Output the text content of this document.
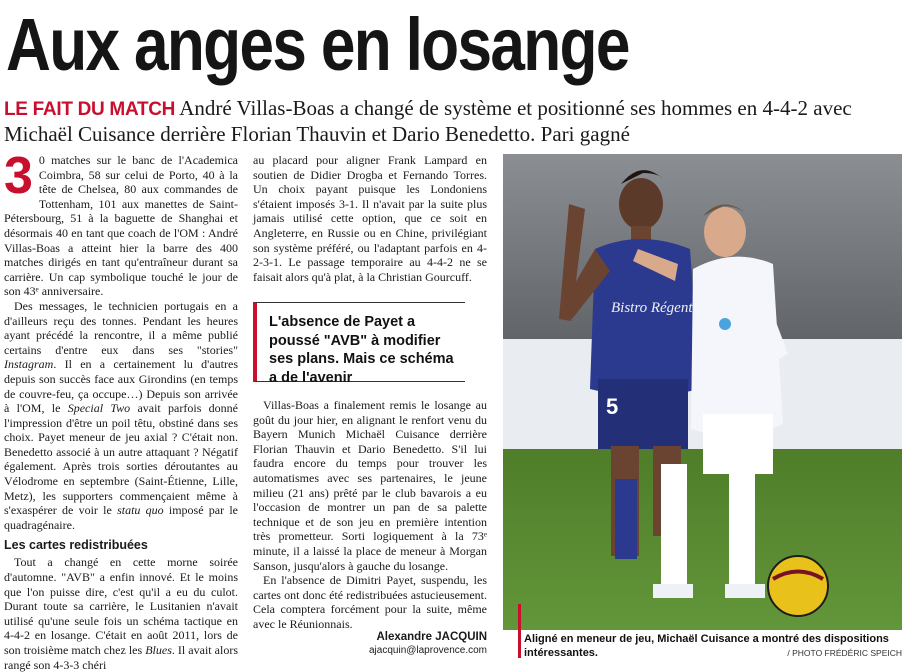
Aux anges en losange
LE FAIT DU MATCH André Villas-Boas a changé de système et positionné ses hommes en 4-4-2 avec Michaël Cuisance derrière Florian Thauvin et Dario Benedetto. Pari gagné

3 0 matches sur le banc de l'Academica Coimbra, 58 sur celui de Porto, 40 à la tête de Chelsea, 80 aux commandes de Tottenham, 101 aux manettes de Saint-Pétersbourg, 51 à la baguette de Shanghai et désormais 40 en tant que coach de l'OM : André Villas-Boas a atteint hier la barre des 400 matches dirigés en tant qu'entraîneur durant sa carrière. Un cap symbolique touché le jour de son 43ᵉ anniversaire.

Des messages, le technicien portugais en a d'ailleurs reçu des tonnes. Pendant les heures ayant précédé la rencontre, il a même publié certains d'entre eux dans ses "stories" Instagram. Il en a certainement lu d'autres depuis son succès face aux Girondins (en temps de couvre-feu, ça occupe…) Depuis son arrivée à l'OM, le Special Two avait parfois donné l'impression d'être un poil têtu, obstiné dans ses choix. Payet meneur de jeu axial ? C'était non. Benedetto associé à un autre attaquant ? Négatif également. Après trois sorties déroutantes au Vélodrome en septembre (Saint-Étienne, Lille, Metz), les supporters commençaient même à s'exaspérer de voir le statu quo imposé par le quadragénaire.

Les cartes redistribuées

Tout a changé en cette morne soirée d'automne. "AVB" a enfin innové. Et le moins que l'on puisse dire, c'est qu'il a eu du culot. Durant toute sa carrière, le Lusitanien n'avait utilisé qu'une seule fois un schéma tactique en 4-4-2 en losange. C'était en août 2011, lors de son troisième match chez les Blues. Il avait alors rangé son 4-3-3 chéri

au placard pour aligner Frank Lampard en soutien de Didier Drogba et Fernando Torres. Un choix payant puisque les Londoniens s'étaient imposés 3-1. Il n'avait par la suite plus jamais utilisé cette option, que ce soit en Angleterre, en Russie ou en Chine, privilégiant son système préféré, ou l'adaptant parfois en 4-2-3-1. Le passage temporaire au 4-4-2 ne se faisait alors qu'à plat, à la Christian Gourcuff.

L'absence de Payet a poussé "AVB" à modifier ses plans. Mais ce schéma a de l'avenir

Villas-Boas a finalement remis le losange au goût du jour hier, en alignant le renfort venu du Bayern Munich Michaël Cuisance derrière Florian Thauvin et Dario Benedetto. S'il lui faudra encore du temps pour trouver les automatismes avec ses partenaires, le jeune milieu (21 ans) prêté par le club bavarois a eu l'occasion de montrer un pan de sa palette technique et de son jeu en première intention très prometteur. Sorti logiquement à la 73ᵉ minute, il a laissé la place de meneur à Morgan Sanson, jusqu'alors à gauche du losange.

En l'absence de Dimitri Payet, suspendu, les cartes ont donc été redistribuées astucieusement. Cela comptera forcément pour la suite, même avec le Réunionnais.

Alexandre JACQUIN
ajacquin@laprovence.com
5
Bistro Régent
Aligné en meneur de jeu, Michaël Cuisance a montré des dispositions intéressantes.	/ PHOTO FRÉDÉRIC SPEICH
